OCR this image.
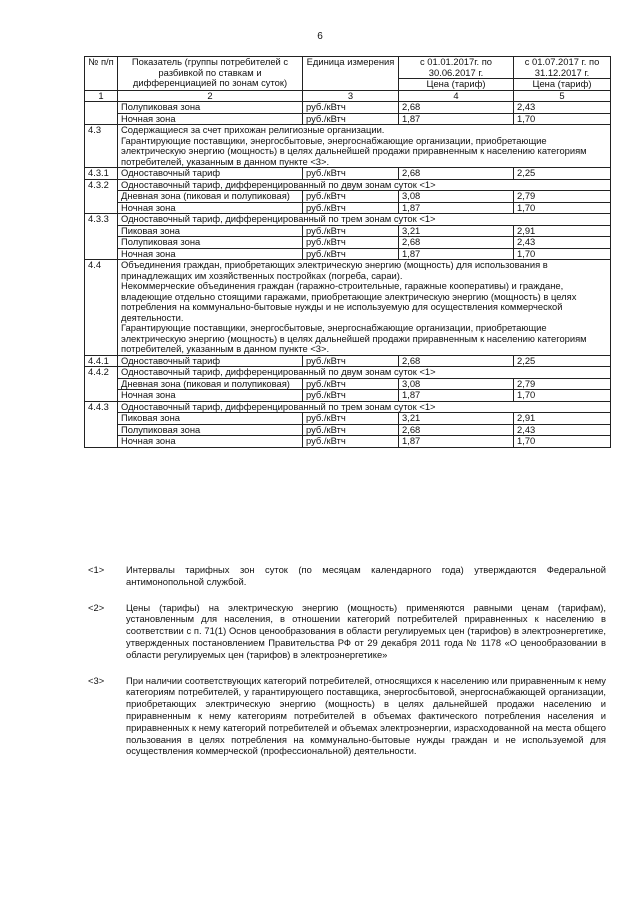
6
№ п/п	Показатель (группы потребителей с разбивкой по ставкам и дифференциацией по зонам суток)	Единица измерения	с 01.01.2017г. по 30.06.2017 г.	с 01.07.2017 г. по 31.12.2017 г.
			Цена (тариф)	Цена (тариф)
1	2	3	4	5
	Полупиковая зона	руб./кВтч	2,68	2,43
	Ночная зона	руб./кВтч	1,87	1,70
4.3	Содержащиеся за счет прихожан религиозные организации.
Гарантирующие поставщики, энергосбытовые, энергоснабжающие организации, приобретающие электрическую энергию (мощность) в целях дальнейшей продажи приравненным к населению категориям потребителей, указанным в данном пункте <3>.			

4.3.1	Одноставочный тариф	руб./кВтч	2,68	2,25
4.3.2	Одноставочный тариф, дифференцированный по двум зонам суток <1>			

	Дневная зона (пиковая и полупиковая)	руб./кВтч	3,08	2,79
	Ночная зона	руб./кВтч	1,87	1,70
4.3.3	Одноставочный тариф, дифференцированный по трем зонам суток <1>			

	Пиковая зона	руб./кВтч	3,21	2,91
	Полупиковая зона	руб./кВтч	2,68	2,43
	Ночная зона	руб./кВтч	1,87	1,70
4.4	Объединения граждан, приобретающих электрическую энергию (мощность) для использования в принадлежащих им хозяйственных постройках (погреба, сараи).
Некоммерческие объединения граждан (гаражно-строительные, гаражные кооперативы) и граждане, владеющие отдельно стоящими гаражами, приобретающие электрическую энергию (мощность) в целях потребления на коммунально-бытовые нужды и не используемую для осуществления коммерческой деятельности.
Гарантирующие поставщики, энергосбытовые, энергоснабжающие организации, приобретающие электрическую энергию (мощность) в целях дальнейшей продажи приравненным к населению категориям потребителей, указанным в данном пункте <3>.			

4.4.1	Одноставочный тариф	руб./кВтч	2,68	2,25
4.4.2	Одноставочный тариф, дифференцированный по двум зонам суток <1>			

	Дневная зона (пиковая и полупиковая)	руб./кВтч	3,08	2,79
	Ночная зона	руб./кВтч	1,87	1,70
4.4.3	Одноставочный тариф, дифференцированный по трем зонам суток <1>			

	Пиковая зона	руб./кВтч	3,21	2,91
	Полупиковая зона	руб./кВтч	2,68	2,43
	Ночная зона	руб./кВтч	1,87	1,70
<1>	Интервалы тарифных зон суток (по месяцам календарного года) утверждаются Федеральной антимонопольной службой.
<2>	Цены (тарифы) на электрическую энергию (мощность) применяются равными ценам (тарифам), установленным для населения, в отношении категорий потребителей приравненных к населению в соответствии с п. 71(1) Основ ценообразования в области регулируемых цен (тарифов) в электроэнергетике, утвержденных постановлением Правительства РФ от 29 декабря 2011 года № 1178 «О ценообразовании в области регулируемых цен (тарифов) в электроэнергетике»
<3>	При наличии соответствующих категорий потребителей, относящихся к населению или приравненным к нему категориям потребителей, у гарантирующего поставщика, энергосбытовой, энергоснабжающей организации, приобретающих электрическую энергию (мощность) в целях дальнейшей продажи населению и приравненным к нему категориям потребителей в объемах фактического потребления населения и приравненных к нему категорий потребителей и объемах электроэнергии, израсходованной на места общего пользования в целях потребления на коммунально-бытовые нужды граждан и не используемой для осуществления коммерческой (профессиональной) деятельности.
